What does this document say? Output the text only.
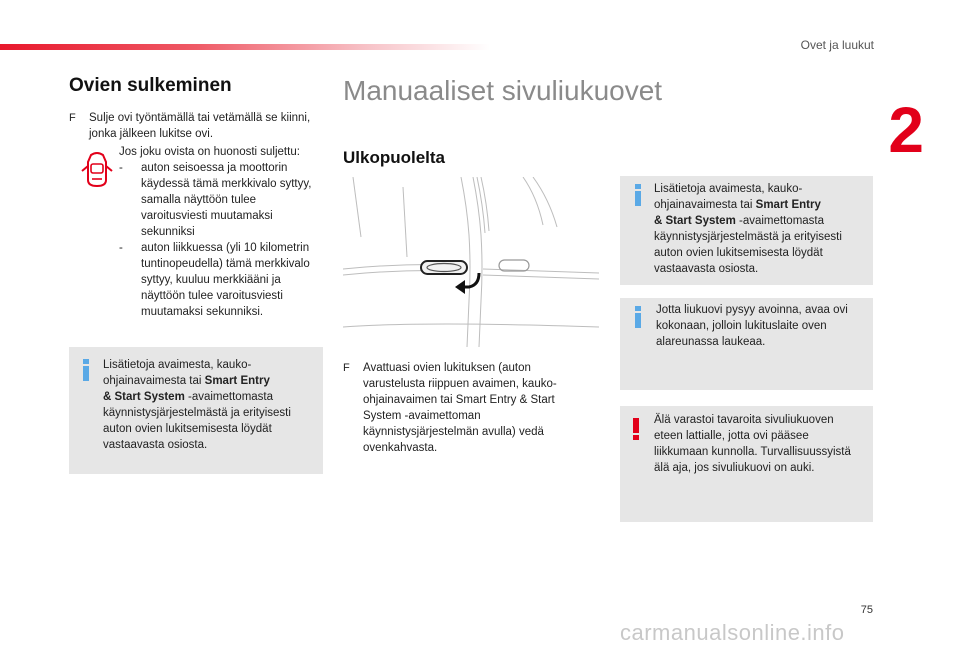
Ovet ja luukut
2
Ovien sulkeminen
F	Sulje ovi työntämällä tai vetämällä se kiinni, jonka jälkeen lukitse ovi.
Jos joku ovista on huonosti suljettu:
- auton seisoessa ja moottorin käydessä tämä merkkivalo syttyy, samalla näyttöön tulee varoitusviesti muutamaksi sekunniksi
- auton liikkuessa (yli 10 kilometrin tuntinopeudella) tämä merkkivalo syttyy, kuuluu merkkiääni ja näyttöön tulee varoitusviesti muutamaksi sekunniksi.
Lisätietoja avaimesta, kauko-
ohjainavaimesta tai Smart Entry
& Start System -avaimettomasta
käynnistysjärjestelmästä ja erityisesti
auton ovien lukitsemisesta löydät
vastaavasta osiosta.
Manuaaliset sivuliukuovet
Ulkopuolelta
F	Avattuasi ovien lukituksen (auton varustelusta riippuen avaimen, kauko-ohjainavaimen tai Smart Entry & Start System -avaimettoman käynnistysjärjestelmän avulla) vedä ovenkahvasta.
Lisätietoja avaimesta, kauko-
ohjainavaimesta tai Smart Entry
& Start System -avaimettomasta
käynnistysjärjestelmästä ja erityisesti
auton ovien lukitsemisesta löydät
vastaavasta osiosta.
Jotta liukuovi pysyy avoinna, avaa ovi kokonaan, jolloin lukituslaite oven alareunassa laukeaa.
Älä varastoi tavaroita sivuliukuoven eteen lattialle, jotta ovi pääsee liikkumaan kunnolla. Turvallisuussyistä älä aja, jos sivuliukuovi on auki.
75
carmanualsonline.info
